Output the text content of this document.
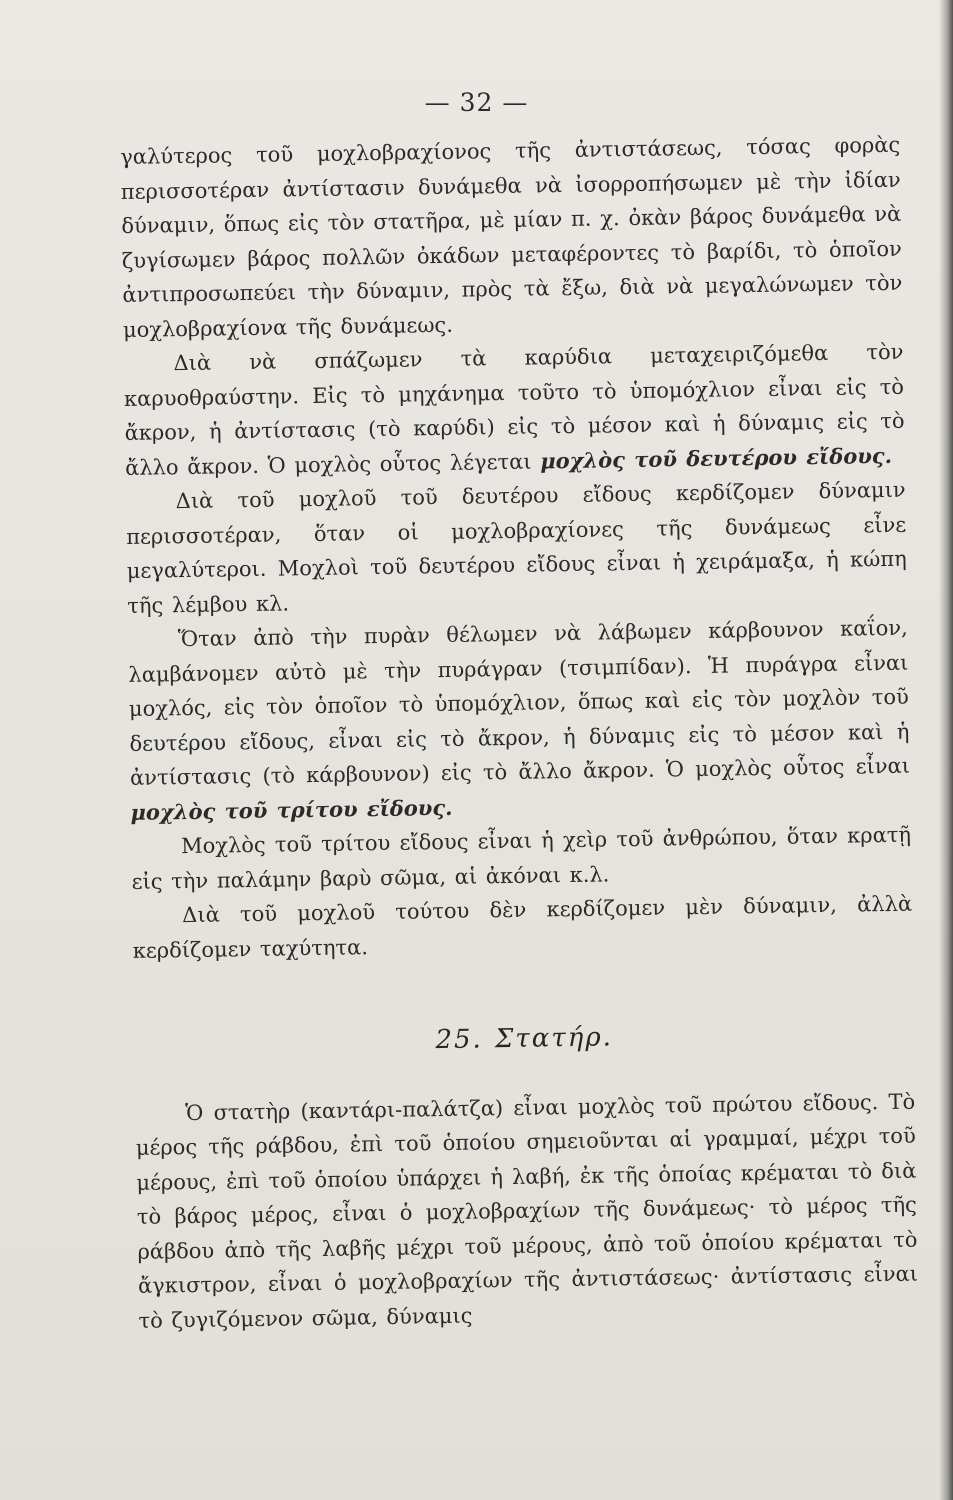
— 32 —

γαλύτερος τοῦ μοχλοβραχίονος τῆς ἀντιστάσεως, τόσας φορὰς περισσοτέραν ἀντίστασιν δυνάμεθα νὰ ἰσορροπήσωμεν μὲ τὴν ἰδίαν δύναμιν, ὅπως εἰς τὸν στατῆρα, μὲ μίαν π. χ. ὀκὰν βάρος δυνάμεθα νὰ ζυγίσωμεν βάρος πολλῶν ὀκάδων μεταφέροντες τὸ βαρίδι, τὸ ὁποῖον ἀντιπροσωπεύει τὴν δύναμιν, πρὸς τὰ ἔξω, διὰ νὰ μεγαλώνωμεν τὸν μοχλοβραχίονα τῆς δυνάμεως.

Διὰ νὰ σπάζωμεν τὰ καρύδια μεταχειριζόμεθα τὸν καρυοθραύστην. Εἰς τὸ μηχάνημα τοῦτο τὸ ὑπομόχλιον εἶναι εἰς τὸ ἄκρον, ἡ ἀντίστασις (τὸ καρύδι) εἰς τὸ μέσον καὶ ἡ δύναμις εἰς τὸ ἄλλο ἄκρον. Ὁ μοχλὸς οὗτος λέγεται μοχλὸς τοῦ δευτέρου εἴδους.

Διὰ τοῦ μοχλοῦ τοῦ δευτέρου εἴδους κερδίζομεν δύναμιν περισσοτέραν, ὅταν οἱ μοχλοβραχίονες τῆς δυνάμεως εἶνε μεγαλύτεροι. Μοχλοὶ τοῦ δευτέρου εἴδους εἶναι ἡ χειράμαξα, ἡ κώπη τῆς λέμβου κλ.

Ὅταν ἀπὸ τὴν πυρὰν θέλωμεν νὰ λάβωμεν κάρβουνον καΐον, λαμβάνομεν αὐτὸ μὲ τὴν πυράγραν (τσιμπίδαν). Ἡ πυράγρα εἶναι μοχλός, εἰς τὸν ὁποῖον τὸ ὑπομόχλιον, ὅπως καὶ εἰς τὸν μοχλὸν τοῦ δευτέρου εἴδους, εἶναι εἰς τὸ ἄκρον, ἡ δύναμις εἰς τὸ μέσον καὶ ἡ ἀντίστασις (τὸ κάρβουνον) εἰς τὸ ἄλλο ἄκρον. Ὁ μοχλὸς οὗτος εἶναι μοχλὸς τοῦ τρίτου εἴδους.

Μοχλὸς τοῦ τρίτου εἴδους εἶναι ἡ χεὶρ τοῦ ἀνθρώπου, ὅταν κρατῇ εἰς τὴν παλάμην βαρὺ σῶμα, αἱ ἀκόναι κ.λ.

Διὰ τοῦ μοχλοῦ τούτου δὲν κερδίζομεν μὲν δύναμιν, ἀλλὰ κερδίζομεν ταχύτητα.

25. Στατήρ.

Ὁ στατὴρ (καντάρι-παλάτζα) εἶναι μοχλὸς τοῦ πρώτου εἴδους. Τὸ μέρος τῆς ράβδου, ἐπὶ τοῦ ὁποίου σημειοῦνται αἱ γραμμαί, μέχρι τοῦ μέρους, ἐπὶ τοῦ ὁποίου ὑπάρχει ἡ λαβή, ἐκ τῆς ὁποίας κρέμαται τὸ διὰ τὸ βάρος μέρος, εἶναι ὁ μοχλοβραχίων τῆς δυνάμεως· τὸ μέρος τῆς ράβδου ἀπὸ τῆς λαβῆς μέχρι τοῦ μέρους, ἀπὸ τοῦ ὁποίου κρέμαται τὸ ἄγκιστρον, εἶναι ὁ μοχλοβραχίων τῆς ἀντιστάσεως· ἀντίστασις εἶναι τὸ ζυγιζόμενον σῶμα, δύναμις
